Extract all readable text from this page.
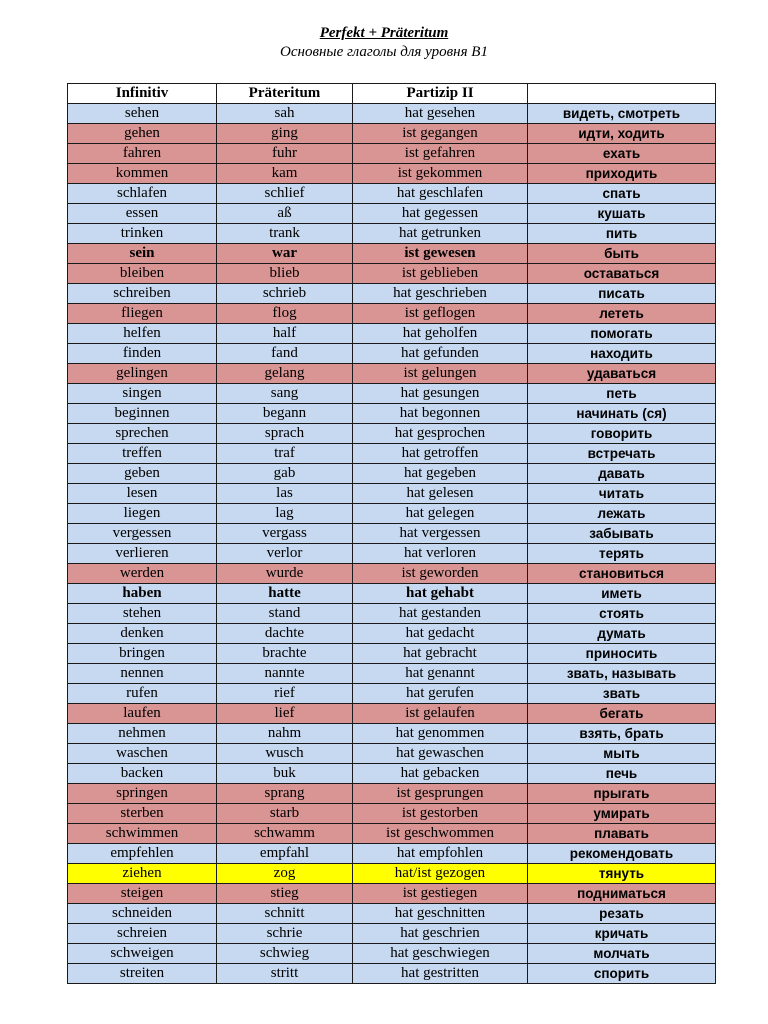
Perfekt + Präteritum
Основные глаголы для уровня B1
Infinitiv	Präteritum	Partizip II	
sehen	sah	hat gesehen	видеть, смотреть
gehen	ging	ist gegangen	идти, ходить
fahren	fuhr	ist gefahren	ехать
kommen	kam	ist gekommen	приходить
schlafen	schlief	hat geschlafen	спать
essen	aß	hat gegessen	кушать
trinken	trank	hat getrunken	пить
sein	war	ist gewesen	быть
bleiben	blieb	ist geblieben	оставаться
schreiben	schrieb	hat geschrieben	писать
fliegen	flog	ist geflogen	лететь
helfen	half	hat geholfen	помогать
finden	fand	hat gefunden	находить
gelingen	gelang	ist gelungen	удаваться
singen	sang	hat gesungen	петь
beginnen	begann	hat begonnen	начинать (ся)
sprechen	sprach	hat gesprochen	говорить
treffen	traf	hat getroffen	встречать
geben	gab	hat gegeben	давать
lesen	las	hat gelesen	читать
liegen	lag	hat gelegen	лежать
vergessen	vergass	hat vergessen	забывать
verlieren	verlor	hat verloren	терять
werden	wurde	ist geworden	становиться
haben	hatte	hat gehabt	иметь
stehen	stand	hat gestanden	стоять
denken	dachte	hat gedacht	думать
bringen	brachte	hat gebracht	приносить
nennen	nannte	hat genannt	звать, называть
rufen	rief	hat gerufen	звать
laufen	lief	ist gelaufen	бегать
nehmen	nahm	hat genommen	взять, брать
waschen	wusch	hat gewaschen	мыть
backen	buk	hat gebacken	печь
springen	sprang	ist gesprungen	прыгать
sterben	starb	ist gestorben	умирать
schwimmen	schwamm	ist geschwommen	плавать
empfehlen	empfahl	hat empfohlen	рекомендовать
ziehen	zog	hat/ist gezogen	тянуть
steigen	stieg	ist gestiegen	подниматься
schneiden	schnitt	hat geschnitten	резать
schreien	schrie	hat geschrien	кричать
schweigen	schwieg	hat geschwiegen	молчать
streiten	stritt	hat gestritten	спорить
